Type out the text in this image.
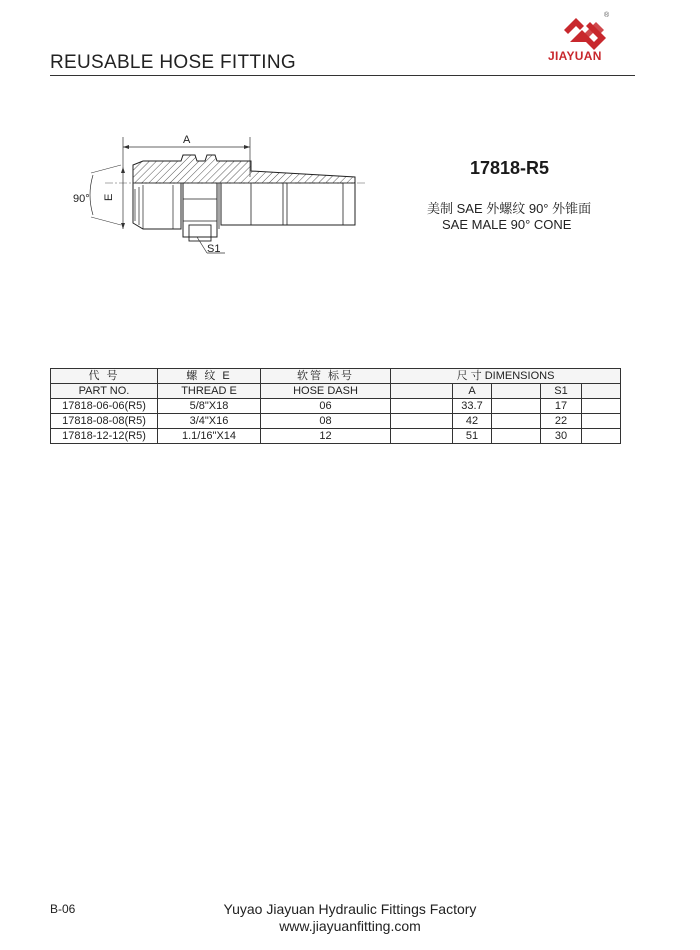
REUSABLE HOSE FITTING
®
JIAYUAN
A
E
90°
S1
17818-R5
美制 SAE 外螺纹 90° 外锥面
SAE MALE 90° CONE
代 号	螺 纹 E	软管 标号	尺 寸 DIMENSIONS				
PART NO.	THREAD E	HOSE DASH		A		S1	
17818-06-06(R5)	5/8"X18	06		33.7		17	
17818-08-08(R5)	3/4"X16	08		42		22	
17818-12-12(R5)	1.1/16"X14	12		51		30	
B-06	Yuyao Jiayuan Hydraulic Fittings Factory
www.jiayuanfitting.com
